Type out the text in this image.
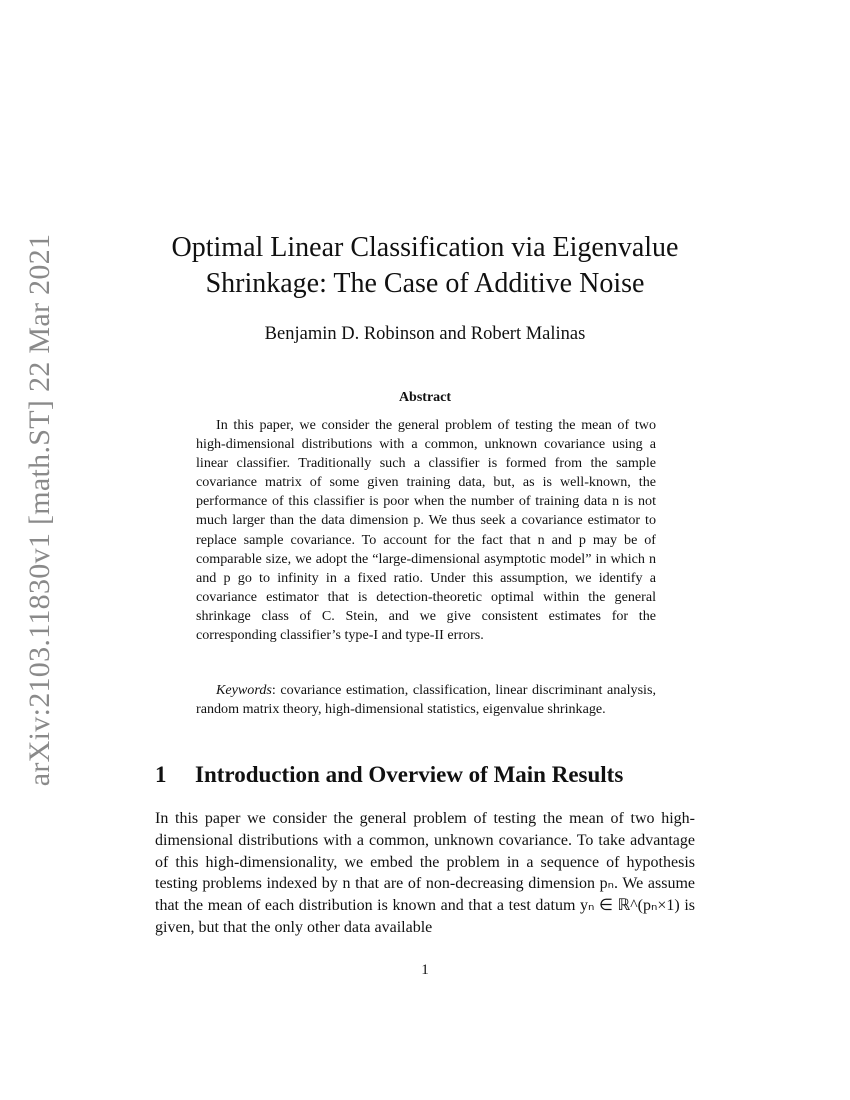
arXiv:2103.11830v1 [math.ST] 22 Mar 2021	Optimal Linear Classification via Eigenvalue Shrinkage: The Case of Additive Noise
Benjamin D. Robinson and Robert Malinas
Abstract

In this paper, we consider the general problem of testing the mean of two high-dimensional distributions with a common, unknown covariance using a linear classifier. Traditionally such a classifier is formed from the sample covariance matrix of some given training data, but, as is well-known, the performance of this classifier is poor when the number of training data n is not much larger than the data dimension p. We thus seek a covariance estimator to replace sample covariance. To account for the fact that n and p may be of comparable size, we adopt the “large-dimensional asymptotic model” in which n and p go to infinity in a fixed ratio. Under this assumption, we identify a covariance estimator that is detection-theoretic optimal within the general shrinkage class of C. Stein, and we give consistent estimates for the corresponding classifier’s type-I and type-II errors.

Keywords: covariance estimation, classification, linear discriminant analysis, random matrix theory, high-dimensional statistics, eigenvalue shrinkage.

1 Introduction and Overview of Main Results

In this paper we consider the general problem of testing the mean of two high-dimensional distributions with a common, unknown covariance. To take advantage of this high-dimensionality, we embed the problem in a sequence of hypothesis testing problems indexed by n that are of non-decreasing dimension pₙ. We assume that the mean of each distribution is known and that a test datum yₙ ∈ ℝ^(pₙ×1) is given, but that the only other data available

1
